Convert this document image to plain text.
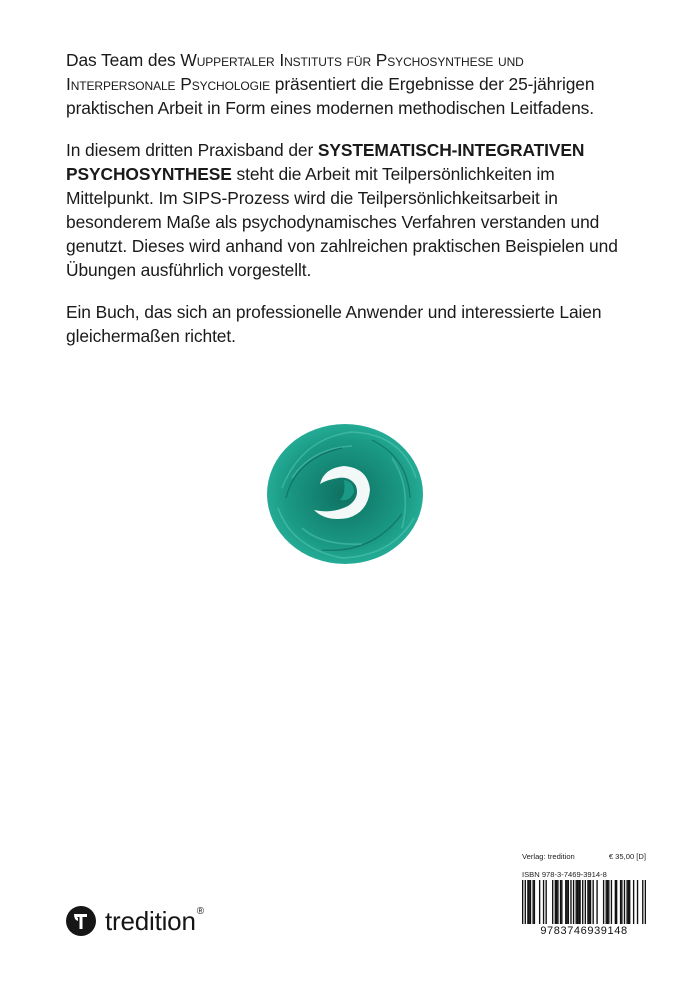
Das Team des Wuppertaler Instituts für Psychosynthese und Interpersonale Psychologie präsentiert die Ergebnisse der 25-jährigen praktischen Arbeit in Form eines modernen methodischen Leitfadens.

In diesem dritten Praxisband der SYSTEMATISCH-INTEGRATIVEN PSYCHOSYNTHESE steht die Arbeit mit Teilpersönlichkeiten im Mittelpunkt. Im SIPS-Prozess wird die Teilpersönlichkeitsarbeit in besonderem Maße als psychodynamisches Verfahren verstanden und genutzt. Dieses wird anhand von zahlreichen praktischen Beispielen und Übungen ausführlich vorgestellt.

Ein Buch, das sich an professionelle Anwender und interessierte Laien gleichermaßen richtet.

tredition®
Verlag: tredition	€ 35,00 [D]
ISBN 978-3-7469-3914-8
9783746939148
